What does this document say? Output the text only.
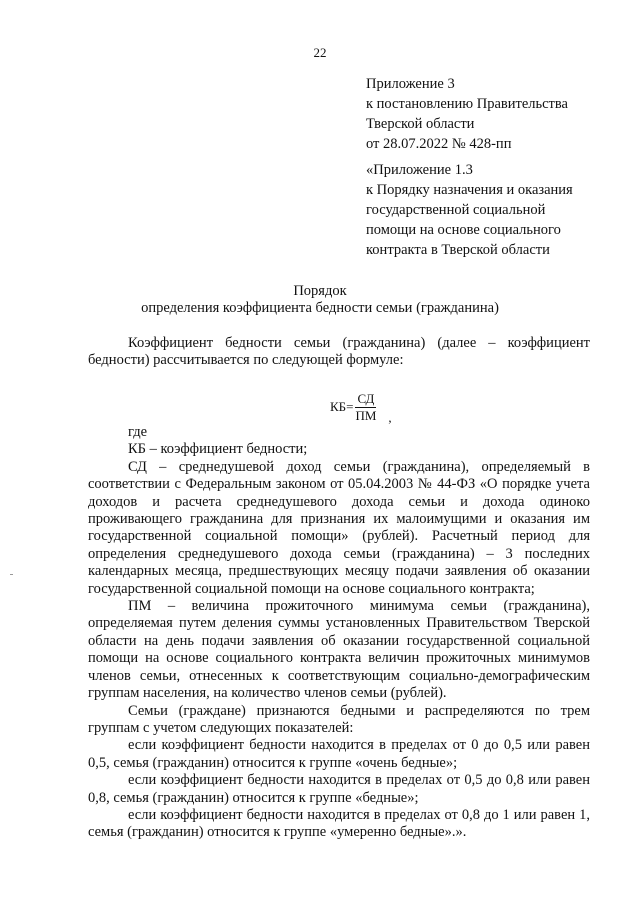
22
Приложение 3
к постановлению Правительства
Тверской области
от 28.07.2022 № 428-пп
«Приложение 1.3
к Порядку назначения и оказания
государственной социальной
помощи на основе социального
контракта в Тверской области
Порядок
определения коэффициента бедности семьи (гражданина)

Коэффициент бедности семьи (гражданина) (далее – коэффициент бедности) рассчитывается по следующей формуле:

$КБ= \frac{СД}{ПМ}$ ,

где

КБ – коэффициент бедности;

СД – среднедушевой доход семьи (гражданина), определяемый в соответствии с Федеральным законом от 05.04.2003 № 44-ФЗ «О порядке учета доходов и расчета среднедушевого дохода семьи и дохода одиноко проживающего гражданина для признания их малоимущими и оказания им государственной социальной помощи» (рублей). Расчетный период для определения среднедушевого дохода семьи (гражданина) – 3 последних календарных месяца, предшествующих месяцу подачи заявления об оказании государственной социальной помощи на основе социального контракта;

ПМ – величина прожиточного минимума семьи (гражданина), определяемая путем деления суммы установленных Правительством Тверской области на день подачи заявления об оказании государственной социальной помощи на основе социального контракта величин прожиточных минимумов членов семьи, отнесенных к соответствующим социально-демографическим группам населения, на количество членов семьи (рублей).

Семьи (граждане) признаются бедными и распределяются по трем группам с учетом следующих показателей:

если коэффициент бедности находится в пределах от 0 до 0,5 или равен 0,5, семья (гражданин) относится к группе «очень бедные»;

если коэффициент бедности находится в пределах от 0,5 до 0,8 или равен 0,8, семья (гражданин) относится к группе «бедные»;

если коэффициент бедности находится в пределах от 0,8 до 1 или равен 1, семья (гражданин) относится к группе «умеренно бедные».».
